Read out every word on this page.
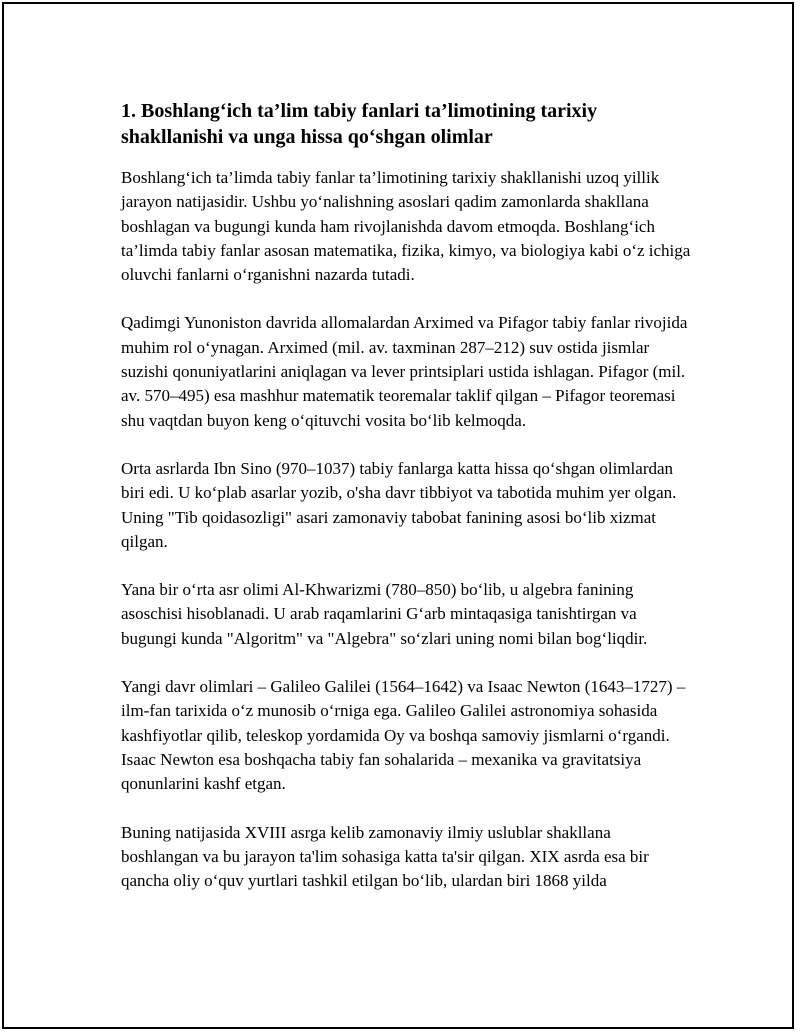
1. Boshlang‘ich ta’lim tabiy fanlari ta’limotining tarixiy shakllanishi va unga hissa qo‘shgan olimlar

Boshlang‘ich ta’limda tabiy fanlar ta’limotining tarixiy shakllanishi uzoq yillik jarayon natijasidir. Ushbu yo‘nalishning asoslari qadim zamonlarda shakllana boshlagan va bugungi kunda ham rivojlanishda davom etmoqda. Boshlang‘ich ta’limda tabiy fanlar asosan matematika, fizika, kimyo, va biologiya kabi o‘z ichiga oluvchi fanlarni o‘rganishni nazarda tutadi.

Qadimgi Yunoniston davrida allomalardan Arximed va Pifagor tabiy fanlar rivojida muhim rol o‘ynagan. Arximed (mil. av. taxminan 287–212) suv ostida jismlar suzishi qonuniyatlarini aniqlagan va lever printsiplari ustida ishlagan. Pifagor (mil. av. 570–495) esa mashhur matematik teoremalar taklif qilgan – Pifagor teoremasi shu vaqtdan buyon keng o‘qituvchi vosita bo‘lib kelmoqda.

Orta asrlarda Ibn Sino (970–1037) tabiy fanlarga katta hissa qo‘shgan olimlardan biri edi. U ko‘plab asarlar yozib, o'sha davr tibbiyot va tabotida muhim yer olgan. Uning "Tib qoidasozligi" asari zamonaviy tabobat fanining asosi bo‘lib xizmat qilgan.

Yana bir o‘rta asr olimi Al-Khwarizmi (780–850) bo‘lib, u algebra fanining asoschisi hisoblanadi. U arab raqamlarini G‘arb mintaqasiga tanishtirgan va bugungi kunda "Algoritm" va "Algebra" so‘zlari uning nomi bilan bog‘liqdir.

Yangi davr olimlari – Galileo Galilei (1564–1642) va Isaac Newton (1643–1727) – ilm-fan tarixida o‘z munosib o‘rniga ega. Galileo Galilei astronomiya sohasida kashfiyotlar qilib, teleskop yordamida Oy va boshqa samoviy jismlarni o‘rgandi. Isaac Newton esa boshqacha tabiy fan sohalarida – mexanika va gravitatsiya qonunlarini kashf etgan.

Buning natijasida XVIII asrga kelib zamonaviy ilmiy uslublar shakllana boshlangan va bu jarayon ta'lim sohasiga katta ta'sir qilgan. XIX asrda esa bir qancha oliy o‘quv yurtlari tashkil etilgan bo‘lib, ulardan biri 1868 yilda
